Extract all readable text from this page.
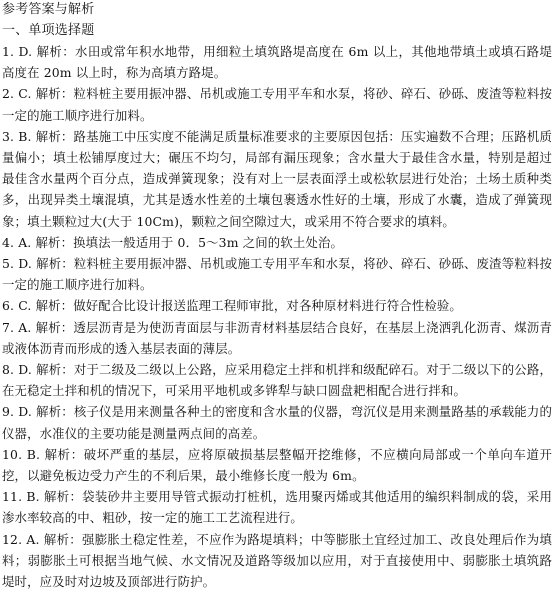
参考答案与解析
一、单项选择题
1. D. 解析：水田或常年积水地带，用细粒土填筑路堤高度在 6m 以上，其他地带填土或填石路堤高度在 20m 以上时，称为高填方路堤。
2. C. 解析：粒料桩主要用振冲器、吊机或施工专用平车和水泵，将砂、碎石、砂砾、废渣等粒料按一定的施工顺序进行加料。
3. B. 解析：路基施工中压实度不能满足质量标准要求的主要原因包括：压实遍数不合理；压路机质量偏小；填土松铺厚度过大；碾压不均匀，局部有漏压现象；含水量大于最佳含水量，特别是超过最佳含水量两个百分点，造成弹簧现象；没有对上一层表面浮土或松软层进行处治；土场土质种类多，出现异类土壤混填，尤其是透水性差的土壤包裹透水性好的土壤，形成了水囊，造成了弹簧现象；填土颗粒过大(大于 10Cm)，颗粒之间空隙过大，或采用不符合要求的填料。
4. A. 解析：换填法一般适用于 0．5～3m 之间的软土处治。
5. D. 解析：粒料桩主要用振冲器、吊机或施工专用平车和水泵，将砂、碎石、砂砾、废渣等粒料按一定的施工顺序进行加料。
6. C. 解析：做好配合比设计报送监理工程师审批，对各种原材料进行符合性检验。
7. A. 解析：透层沥青是为使沥青面层与非沥青材料基层结合良好，在基层上浇洒乳化沥青、煤沥青或液体沥青而形成的透入基层表面的薄层。
8. D. 解析：对于二级及二级以上公路，应采用稳定土拌和机拌和级配碎石。对于二级以下的公路，在无稳定土拌和机的情况下，可采用平地机或多铧犁与缺口圆盘耙相配合进行拌和。
9. D. 解析：核子仪是用来测量各种土的密度和含水量的仪器，弯沉仪是用来测量路基的承载能力的仪器，水准仪的主要功能是测量两点间的高差。
10. B. 解析：破坏严重的基层，应将原破损基层整幅开挖维修，不应横向局部或一个单向车道开挖，以避免板边受力产生的不利后果，最小维修长度一般为 6m。
11. B. 解析：袋装砂井主要用导管式振动打桩机，选用聚丙烯或其他适用的编织料制成的袋，采用渗水率较高的中、粗砂，按一定的施工工艺流程进行。
12. A. 解析：强膨胀土稳定性差，不应作为路堤填料；中等膨胀土宜经过加工、改良处理后作为填料；弱膨胀土可根据当地气候、水文情况及道路等级加以应用，对于直接使用中、弱膨胀土填筑路堤时，应及时对边坡及顶部进行防护。
